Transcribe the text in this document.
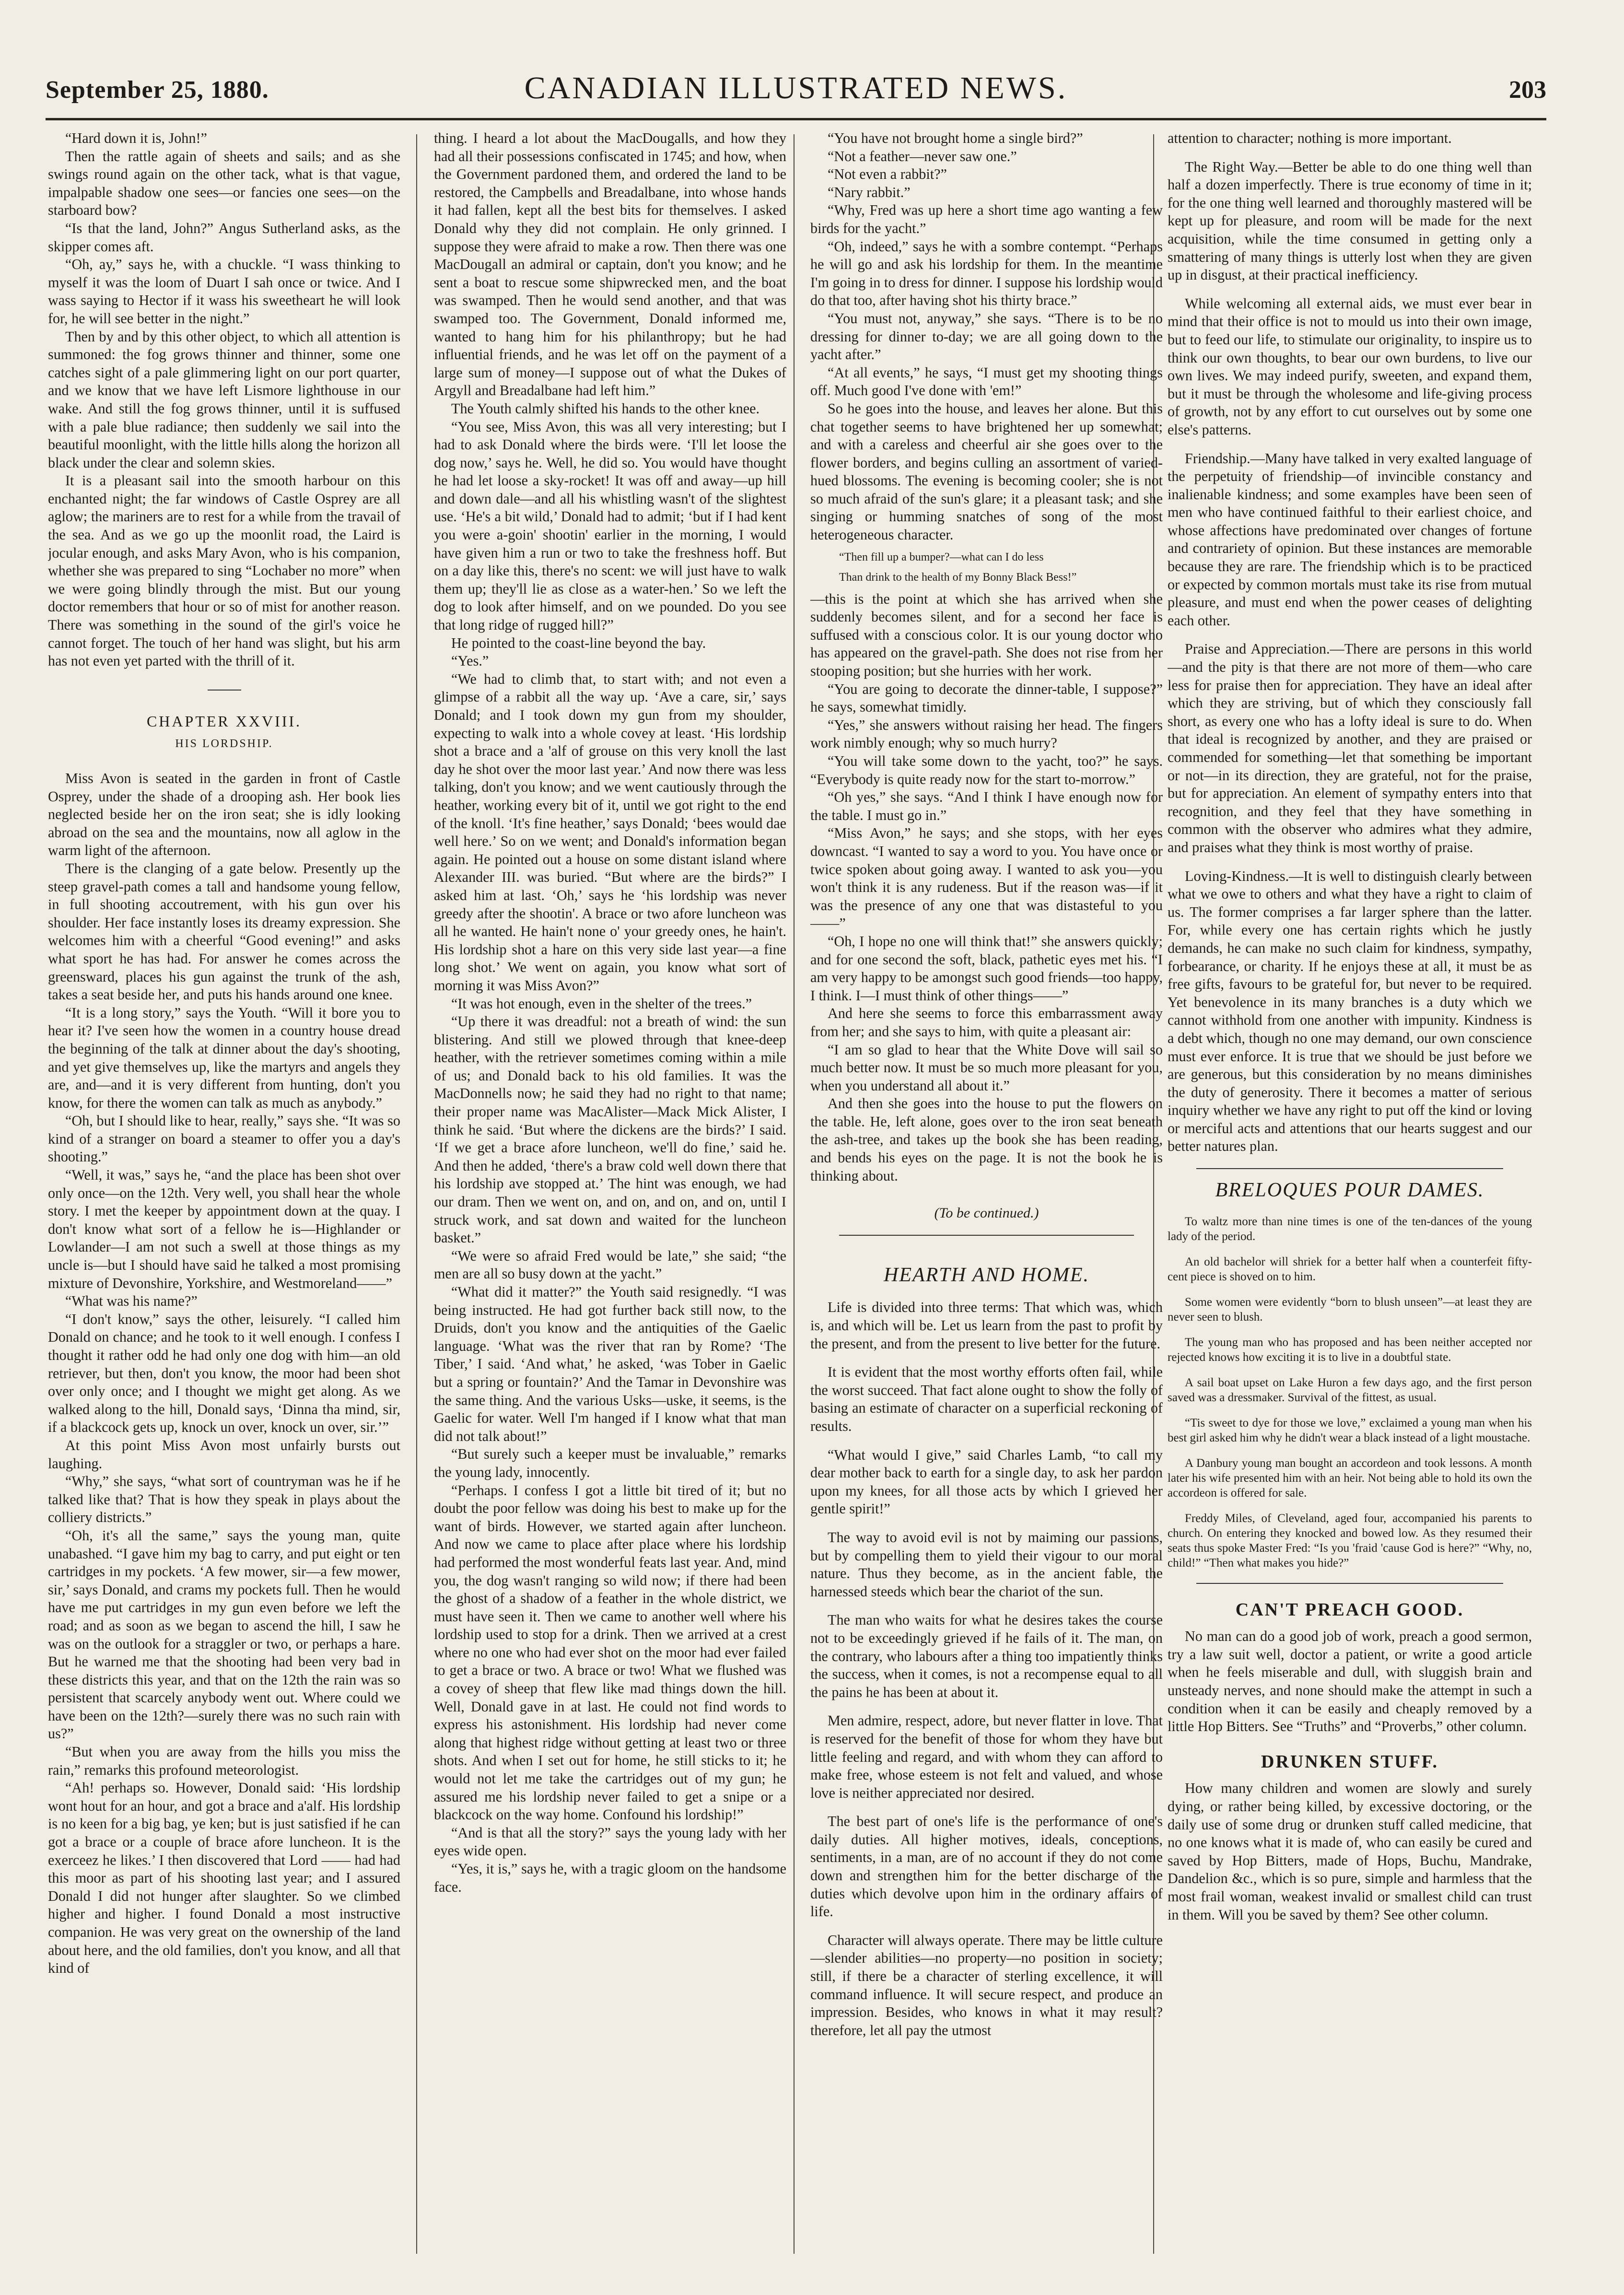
September 25, 1880.	CANADIAN ILLUSTRATED NEWS.	203

“Hard down it is, John!”

Then the rattle again of sheets and sails; and as she swings round again on the other tack, what is that vague, impalpable shadow one sees—or fancies one sees—on the starboard bow?

“Is that the land, John?” Angus Sutherland asks, as the skipper comes aft.

“Oh, ay,” says he, with a chuckle. “I wass thinking to myself it was the loom of Duart I sah once or twice. And I wass saying to Hector if it wass his sweetheart he will look for, he will see better in the night.”

Then by and by this other object, to which all attention is summoned: the fog grows thinner and thinner, some one catches sight of a pale glimmering light on our port quarter, and we know that we have left Lismore lighthouse in our wake. And still the fog grows thinner, until it is suffused with a pale blue radiance; then suddenly we sail into the beautiful moonlight, with the little hills along the horizon all black under the clear and solemn skies.

It is a pleasant sail into the smooth harbour on this enchanted night; the far windows of Castle Osprey are all aglow; the mariners are to rest for a while from the travail of the sea. And as we go up the moonlit road, the Laird is jocular enough, and asks Mary Avon, who is his companion, whether she was prepared to sing “Lochaber no more” when we were going blindly through the mist. But our young doctor remembers that hour or so of mist for another reason. There was something in the sound of the girl's voice he cannot forget. The touch of her hand was slight, but his arm has not even yet parted with the thrill of it.

CHAPTER XXVIII.
HIS LORDSHIP.

Miss Avon is seated in the garden in front of Castle Osprey, under the shade of a drooping ash. Her book lies neglected beside her on the iron seat; she is idly looking abroad on the sea and the mountains, now all aglow in the warm light of the afternoon.

There is the clanging of a gate below. Presently up the steep gravel-path comes a tall and handsome young fellow, in full shooting accoutrement, with his gun over his shoulder. Her face instantly loses its dreamy expression. She welcomes him with a cheerful “Good evening!” and asks what sport he has had. For answer he comes across the greensward, places his gun against the trunk of the ash, takes a seat beside her, and puts his hands around one knee.

“It is a long story,” says the Youth. “Will it bore you to hear it? I've seen how the women in a country house dread the beginning of the talk at dinner about the day's shooting, and yet give themselves up, like the martyrs and angels they are, and—and it is very different from hunting, don't you know, for there the women can talk as much as anybody.”

“Oh, but I should like to hear, really,” says she. “It was so kind of a stranger on board a steamer to offer you a day's shooting.”

“Well, it was,” says he, “and the place has been shot over only once—on the 12th. Very well, you shall hear the whole story. I met the keeper by appointment down at the quay. I don't know what sort of a fellow he is—Highlander or Lowlander—I am not such a swell at those things as my uncle is—but I should have said he talked a most promising mixture of Devonshire, Yorkshire, and Westmoreland——”

“What was his name?”

“I don't know,” says the other, leisurely. “I called him Donald on chance; and he took to it well enough. I confess I thought it rather odd he had only one dog with him—an old retriever, but then, don't you know, the moor had been shot over only once; and I thought we might get along. As we walked along to the hill, Donald says, ‘Dinna tha mind, sir, if a blackcock gets up, knock un over, knock un over, sir.’”

At this point Miss Avon most unfairly bursts out laughing.

“Why,” she says, “what sort of countryman was he if he talked like that? That is how they speak in plays about the colliery districts.”

“Oh, it's all the same,” says the young man, quite unabashed. “I gave him my bag to carry, and put eight or ten cartridges in my pockets. ‘A few mower, sir—a few mower, sir,’ says Donald, and crams my pockets full. Then he would have me put cartridges in my gun even before we left the road; and as soon as we began to ascend the hill, I saw he was on the outlook for a straggler or two, or perhaps a hare. But he warned me that the shooting had been very bad in these districts this year, and that on the 12th the rain was so persistent that scarcely anybody went out. Where could we have been on the 12th?—surely there was no such rain with us?”

“But when you are away from the hills you miss the rain,” remarks this profound meteorologist.

“Ah! perhaps so. However, Donald said: ‘His lordship wont hout for an hour, and got a brace and a'alf. His lordship is no keen for a big bag, ye ken; but is just satisfied if he can got a brace or a couple of brace afore luncheon. It is the exerceez he likes.’ I then discovered that Lord —— had had this moor as part of his shooting last year; and I assured Donald I did not hunger after slaughter. So we climbed higher and higher. I found Donald a most instructive companion. He was very great on the ownership of the land about here, and the old families, don't you know, and all that kind of

thing. I heard a lot about the MacDougalls, and how they had all their possessions confiscated in 1745; and how, when the Government pardoned them, and ordered the land to be restored, the Campbells and Breadalbane, into whose hands it had fallen, kept all the best bits for themselves. I asked Donald why they did not complain. He only grinned. I suppose they were afraid to make a row. Then there was one MacDougall an admiral or captain, don't you know; and he sent a boat to rescue some shipwrecked men, and the boat was swamped. Then he would send another, and that was swamped too. The Government, Donald informed me, wanted to hang him for his philanthropy; but he had influential friends, and he was let off on the payment of a large sum of money—I suppose out of what the Dukes of Argyll and Breadalbane had left him.”

The Youth calmly shifted his hands to the other knee.

“You see, Miss Avon, this was all very interesting; but I had to ask Donald where the birds were. ‘I'll let loose the dog now,’ says he. Well, he did so. You would have thought he had let loose a sky-rocket! It was off and away—up hill and down dale—and all his whistling wasn't of the slightest use. ‘He's a bit wild,’ Donald had to admit; ‘but if I had kent you were a-goin' shootin' earlier in the morning, I would have given him a run or two to take the freshness hoff. But on a day like this, there's no scent: we will just have to walk them up; they'll lie as close as a water-hen.’ So we left the dog to look after himself, and on we pounded. Do you see that long ridge of rugged hill?”

He pointed to the coast-line beyond the bay.

“Yes.”

“We had to climb that, to start with; and not even a glimpse of a rabbit all the way up. ‘Ave a care, sir,’ says Donald; and I took down my gun from my shoulder, expecting to walk into a whole covey at least. ‘His lordship shot a brace and a 'alf of grouse on this very knoll the last day he shot over the moor last year.’ And now there was less talking, don't you know; and we went cautiously through the heather, working every bit of it, until we got right to the end of the knoll. ‘It's fine heather,’ says Donald; ‘bees would dae well here.’ So on we went; and Donald's information began again. He pointed out a house on some distant island where Alexander III. was buried. “But where are the birds?” I asked him at last. ‘Oh,’ says he ‘his lordship was never greedy after the shootin'. A brace or two afore luncheon was all he wanted. He hain't none o' your greedy ones, he hain't. His lordship shot a hare on this very side last year—a fine long shot.’ We went on again, you know what sort of morning it was Miss Avon?”

“It was hot enough, even in the shelter of the trees.”

“Up there it was dreadful: not a breath of wind: the sun blistering. And still we plowed through that knee-deep heather, with the retriever sometimes coming within a mile of us; and Donald back to his old families. It was the MacDonnells now; he said they had no right to that name; their proper name was MacAlister—Mack Mick Alister, I think he said. ‘But where the dickens are the birds?’ I said. ‘If we get a brace afore luncheon, we'll do fine,’ said he. And then he added, ‘there's a braw cold well down there that his lordship ave stopped at.’ The hint was enough, we had our dram. Then we went on, and on, and on, and on, until I struck work, and sat down and waited for the luncheon basket.”

“We were so afraid Fred would be late,” she said; “the men are all so busy down at the yacht.”

“What did it matter?” the Youth said resignedly. “I was being instructed. He had got further back still now, to the Druids, don't you know and the antiquities of the Gaelic language. ‘What was the river that ran by Rome? ‘The Tiber,’ I said. ‘And what,’ he asked, ‘was Tober in Gaelic but a spring or fountain?’ And the Tamar in Devonshire was the same thing. And the various Usks—uske, it seems, is the Gaelic for water. Well I'm hanged if I know what that man did not talk about!”

“But surely such a keeper must be invaluable,” remarks the young lady, innocently.

“Perhaps. I confess I got a little bit tired of it; but no doubt the poor fellow was doing his best to make up for the want of birds. However, we started again after luncheon. And now we came to place after place where his lordship had performed the most wonderful feats last year. And, mind you, the dog wasn't ranging so wild now; if there had been the ghost of a shadow of a feather in the whole district, we must have seen it. Then we came to another well where his lordship used to stop for a drink. Then we arrived at a crest where no one who had ever shot on the moor had ever failed to get a brace or two. A brace or two! What we flushed was a covey of sheep that flew like mad things down the hill. Well, Donald gave in at last. He could not find words to express his astonishment. His lordship had never come along that highest ridge without getting at least two or three shots. And when I set out for home, he still sticks to it; he would not let me take the cartridges out of my gun; he assured me his lordship never failed to get a snipe or a blackcock on the way home. Confound his lordship!”

“And is that all the story?” says the young lady with her eyes wide open.

“Yes, it is,” says he, with a tragic gloom on the handsome face.

“You have not brought home a single bird?”

“Not a feather—never saw one.”

“Not even a rabbit?”

“Nary rabbit.”

“Why, Fred was up here a short time ago wanting a few birds for the yacht.”

“Oh, indeed,” says he with a sombre contempt. “Perhaps he will go and ask his lordship for them. In the meantime I'm going in to dress for dinner. I suppose his lordship would do that too, after having shot his thirty brace.”

“You must not, anyway,” she says. “There is to be no dressing for dinner to-day; we are all going down to the yacht after.”

“At all events,” he says, “I must get my shooting things off. Much good I've done with 'em!”

So he goes into the house, and leaves her alone. But this chat together seems to have brightened her up somewhat; and with a careless and cheerful air she goes over to the flower borders, and begins culling an assortment of varied-hued blossoms. The evening is becoming cooler; she is not so much afraid of the sun's glare; it a pleasant task; and she singing or humming snatches of song of the most heterogeneous character.

“Then fill up a bumper?—what can I do less

Than drink to the health of my Bonny Black Bess!”

—this is the point at which she has arrived when she suddenly becomes silent, and for a second her face is suffused with a conscious color. It is our young doctor who has appeared on the gravel-path. She does not rise from her stooping position; but she hurries with her work.

“You are going to decorate the dinner-table, I suppose?” he says, somewhat timidly.

“Yes,” she answers without raising her head. The fingers work nimbly enough; why so much hurry?

“You will take some down to the yacht, too?” he says. “Everybody is quite ready now for the start to-morrow.”

“Oh yes,” she says. “And I think I have enough now for the table. I must go in.”

“Miss Avon,” he says; and she stops, with her eyes downcast. “I wanted to say a word to you. You have once or twice spoken about going away. I wanted to ask you—you won't think it is any rudeness. But if the reason was—if it was the presence of any one that was distasteful to you——”

“Oh, I hope no one will think that!” she answers quickly; and for one second the soft, black, pathetic eyes met his. “I am very happy to be amongst such good friends—too happy, I think. I—I must think of other things——”

And here she seems to force this embarrassment away from her; and she says to him, with quite a pleasant air:

“I am so glad to hear that the White Dove will sail so much better now. It must be so much more pleasant for you, when you understand all about it.”

And then she goes into the house to put the flowers on the table. He, left alone, goes over to the iron seat beneath the ash-tree, and takes up the book she has been reading, and bends his eyes on the page. It is not the book he is thinking about.

(To be continued.)
HEARTH AND HOME.

Life is divided into three terms: That which was, which is, and which will be. Let us learn from the past to profit by the present, and from the present to live better for the future.

It is evident that the most worthy efforts often fail, while the worst succeed. That fact alone ought to show the folly of basing an estimate of character on a superficial reckoning of results.

“What would I give,” said Charles Lamb, “to call my dear mother back to earth for a single day, to ask her pardon upon my knees, for all those acts by which I grieved her gentle spirit!”

The way to avoid evil is not by maiming our passions, but by compelling them to yield their vigour to our moral nature. Thus they become, as in the ancient fable, the harnessed steeds which bear the chariot of the sun.

The man who waits for what he desires takes the course not to be exceedingly grieved if he fails of it. The man, on the contrary, who labours after a thing too impatiently thinks the success, when it comes, is not a recompense equal to all the pains he has been at about it.

Men admire, respect, adore, but never flatter in love. That is reserved for the benefit of those for whom they have but little feeling and regard, and with whom they can afford to make free, whose esteem is not felt and valued, and whose love is neither appreciated nor desired.

The best part of one's life is the performance of one's daily duties. All higher motives, ideals, conceptions, sentiments, in a man, are of no account if they do not come down and strengthen him for the better discharge of the duties which devolve upon him in the ordinary affairs of life.

Character will always operate. There may be little culture—slender abilities—no property—no position in society; still, if there be a character of sterling excellence, it will command influence. It will secure respect, and produce an impression. Besides, who knows in what it may result? therefore, let all pay the utmost

attention to character; nothing is more important.

The Right Way.—Better be able to do one thing well than half a dozen imperfectly. There is true economy of time in it; for the one thing well learned and thoroughly mastered will be kept up for pleasure, and room will be made for the next acquisition, while the time consumed in getting only a smattering of many things is utterly lost when they are given up in disgust, at their practical inefficiency.

While welcoming all external aids, we must ever bear in mind that their office is not to mould us into their own image, but to feed our life, to stimulate our originality, to inspire us to think our own thoughts, to bear our own burdens, to live our own lives. We may indeed purify, sweeten, and expand them, but it must be through the wholesome and life-giving process of growth, not by any effort to cut ourselves out by some one else's patterns.

Friendship.—Many have talked in very exalted language of the perpetuity of friendship—of invincible constancy and inalienable kindness; and some examples have been seen of men who have continued faithful to their earliest choice, and whose affections have predominated over changes of fortune and contrariety of opinion. But these instances are memorable because they are rare. The friendship which is to be practiced or expected by common mortals must take its rise from mutual pleasure, and must end when the power ceases of delighting each other.

Praise and Appreciation.—There are persons in this world—and the pity is that there are not more of them—who care less for praise then for appreciation. They have an ideal after which they are striving, but of which they consciously fall short, as every one who has a lofty ideal is sure to do. When that ideal is recognized by another, and they are praised or commended for something—let that something be important or not—in its direction, they are grateful, not for the praise, but for appreciation. An element of sympathy enters into that recognition, and they feel that they have something in common with the observer who admires what they admire, and praises what they think is most worthy of praise.

Loving-Kindness.—It is well to distinguish clearly between what we owe to others and what they have a right to claim of us. The former comprises a far larger sphere than the latter. For, while every one has certain rights which he justly demands, he can make no such claim for kindness, sympathy, forbearance, or charity. If he enjoys these at all, it must be as free gifts, favours to be grateful for, but never to be required. Yet benevolence in its many branches is a duty which we cannot withhold from one another with impunity. Kindness is a debt which, though no one may demand, our own conscience must ever enforce. It is true that we should be just before we are generous, but this consideration by no means diminishes the duty of generosity. There it becomes a matter of serious inquiry whether we have any right to put off the kind or loving or merciful acts and attentions that our hearts suggest and our better natures plan.

BRELOQUES POUR DAMES.

To waltz more than nine times is one of the ten-dances of the young lady of the period.

An old bachelor will shriek for a better half when a counterfeit fifty-cent piece is shoved on to him.

Some women were evidently “born to blush unseen”—at least they are never seen to blush.

The young man who has proposed and has been neither accepted nor rejected knows how exciting it is to live in a doubtful state.

A sail boat upset on Lake Huron a few days ago, and the first person saved was a dressmaker. Survival of the fittest, as usual.

“Tis sweet to dye for those we love,” exclaimed a young man when his best girl asked him why he didn't wear a black instead of a light moustache.

A Danbury young man bought an accordeon and took lessons. A month later his wife presented him with an heir. Not being able to hold its own the accordeon is offered for sale.

Freddy Miles, of Cleveland, aged four, accompanied his parents to church. On entering they knocked and bowed low. As they resumed their seats thus spoke Master Fred: “Is you 'fraid 'cause God is here?” “Why, no, child!” “Then what makes you hide?”

CAN'T PREACH GOOD.

No man can do a good job of work, preach a good sermon, try a law suit well, doctor a patient, or write a good article when he feels miserable and dull, with sluggish brain and unsteady nerves, and none should make the attempt in such a condition when it can be easily and cheaply removed by a little Hop Bitters. See “Truths” and “Proverbs,” other column.

DRUNKEN STUFF.

How many children and women are slowly and surely dying, or rather being killed, by excessive doctoring, or the daily use of some drug or drunken stuff called medicine, that no one knows what it is made of, who can easily be cured and saved by Hop Bitters, made of Hops, Buchu, Mandrake, Dandelion &c., which is so pure, simple and harmless that the most frail woman, weakest invalid or smallest child can trust in them. Will you be saved by them? See other column.
